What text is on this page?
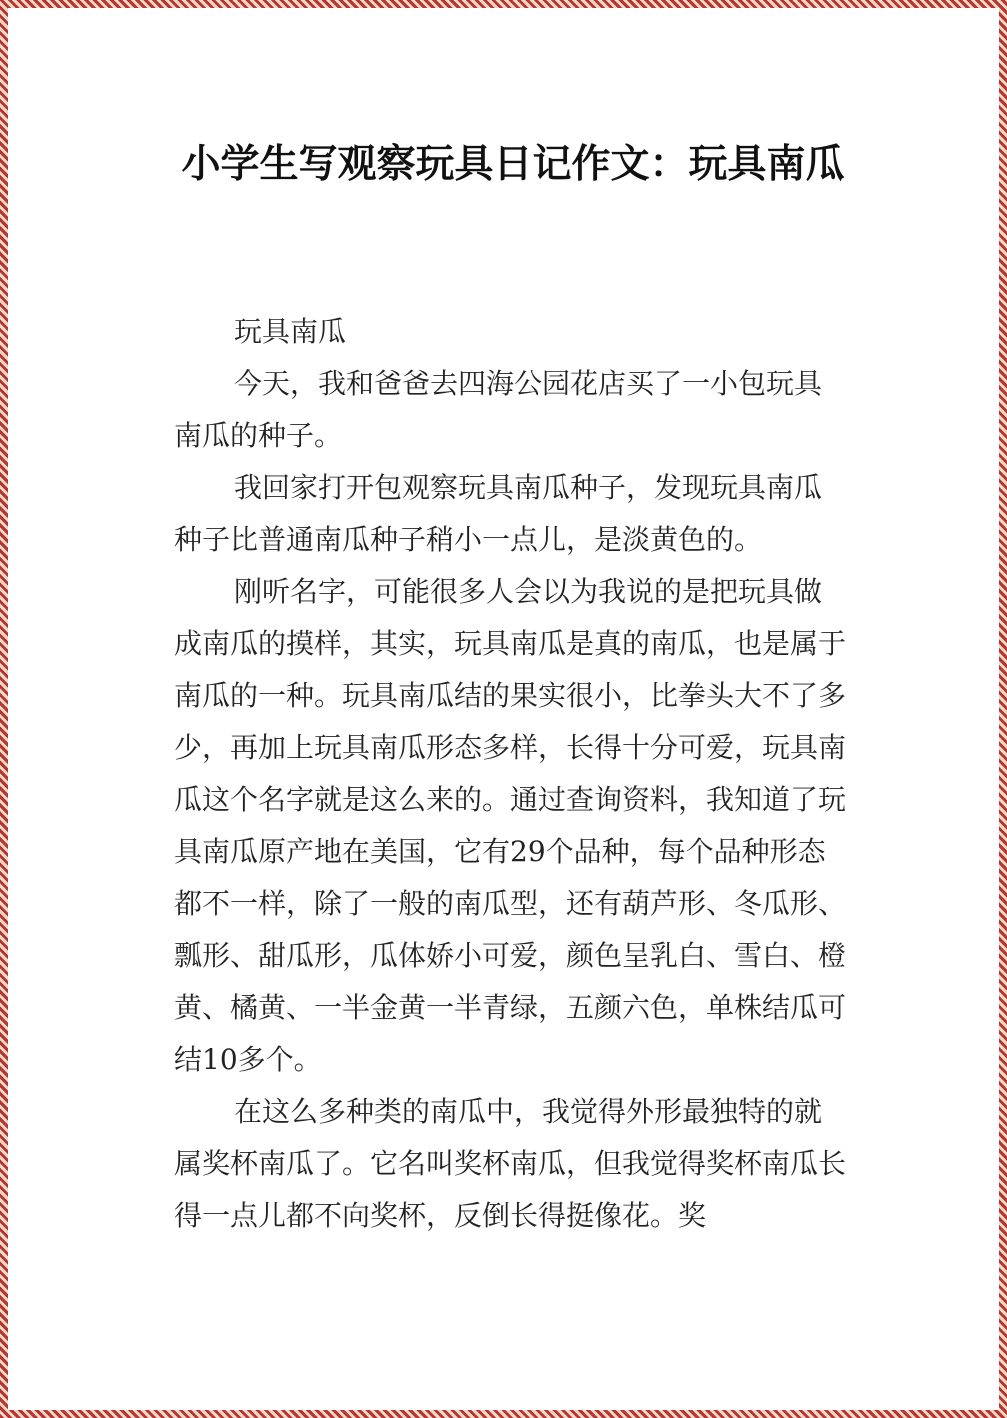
小学生写观察玩具日记作文：玩具南瓜

玩具南瓜

今天，我和爸爸去四海公园花店买了一小包玩具南瓜的种子。

我回家打开包观察玩具南瓜种子，发现玩具南瓜种子比普通南瓜种子稍小一点儿，是淡黄色的。

刚听名字，可能很多人会以为我说的是把玩具做成南瓜的摸样，其实，玩具南瓜是真的南瓜，也是属于南瓜的一种。玩具南瓜结的果实很小，比拳头大不了多少，再加上玩具南瓜形态多样，长得十分可爱，玩具南瓜这个名字就是这么来的。通过查询资料，我知道了玩具南瓜原产地在美国，它有29个品种，每个品种形态都不一样，除了一般的南瓜型，还有葫芦形、冬瓜形、瓢形、甜瓜形，瓜体娇小可爱，颜色呈乳白、雪白、橙黄、橘黄、一半金黄一半青绿，五颜六色，单株结瓜可结10多个。

在这么多种类的南瓜中，我觉得外形最独特的就属奖杯南瓜了。它名叫奖杯南瓜，但我觉得奖杯南瓜长得一点儿都不向奖杯，反倒长得挺像花。奖
